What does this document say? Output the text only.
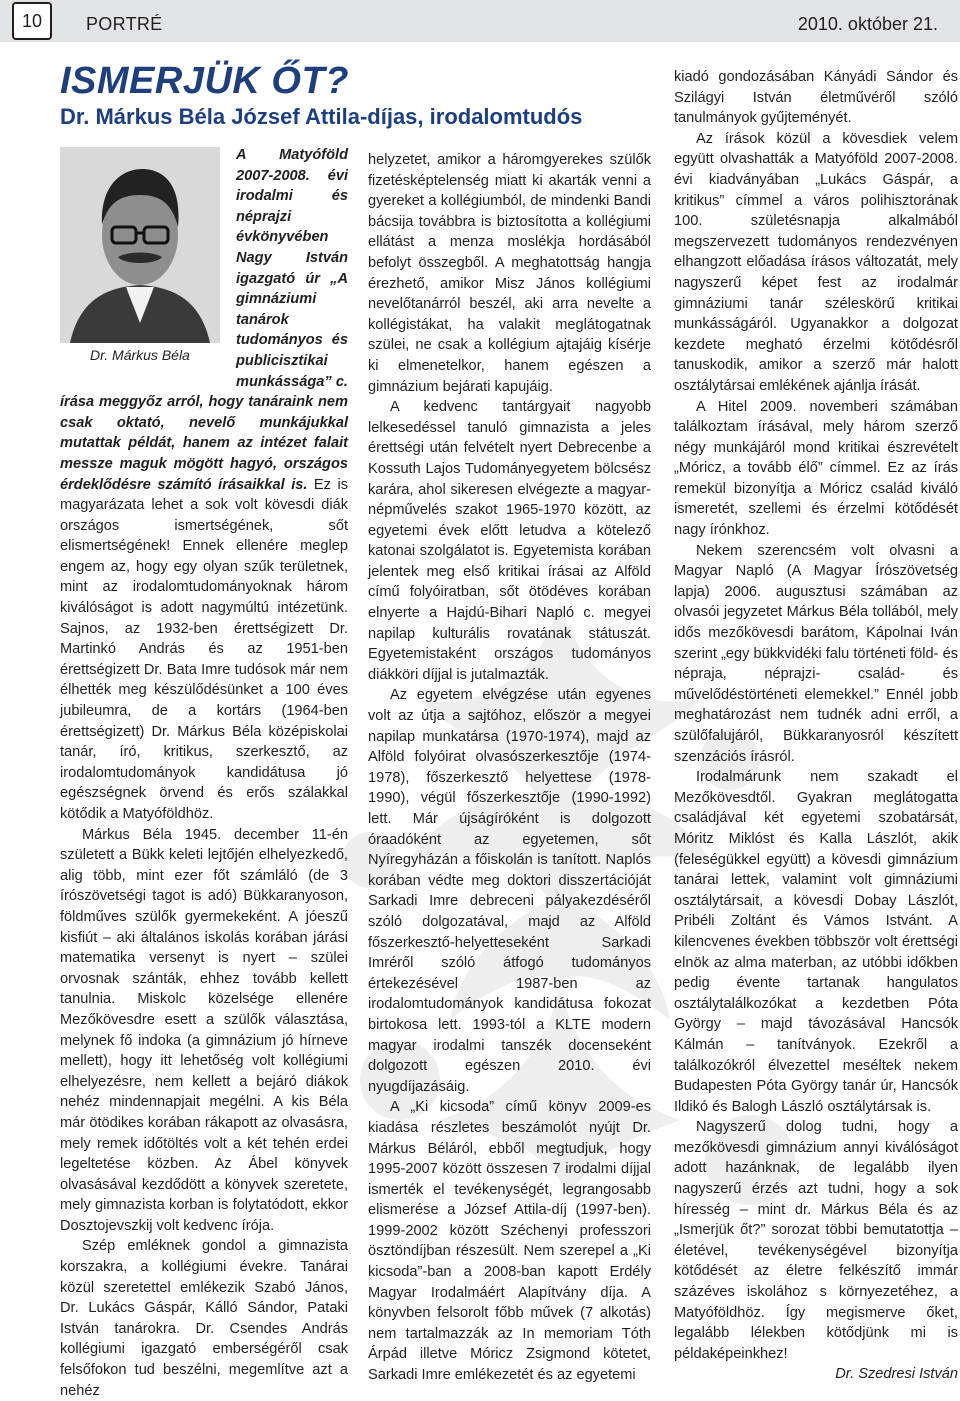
10	PORTRÉ	2010. október 21.
ISMERJÜK ŐT?
Dr. Márkus Béla József Attila-díjas, irodalomtudós
Dr. Márkus Béla

A Matyóföld 2007-2008. évi irodalmi és néprajzi évkönyvében Nagy István igazgató úr „A gimnáziumi tanárok tudományos és publicisztikai munkássága” c. írása meggyőz arról, hogy tanáraink nem csak oktató, nevelő munkájukkal mutattak példát, hanem az intézet falait messze maguk mögött hagyó, országos érdeklődésre számító írásaikkal is. Ez is magyarázata lehet a sok volt kövesdi diák országos ismertségének, sőt elismertségének! Ennek ellenére meglep engem az, hogy egy olyan szűk területnek, mint az irodalomtudományoknak három kiválóságot is adott nagymúltú intézetünk. Sajnos, az 1932-ben érettségizett Dr. Martinkó András és az 1951-ben érettségizett Dr. Bata Imre tudósok már nem élhették meg készülődésünket a 100 éves jubileumra, de a kortárs (1964-ben érettségizett) Dr. Márkus Béla középiskolai tanár, író, kritikus, szerkesztő, az irodalomtudományok kandidátusa jó egészségnek örvend és erős szálakkal kötődik a Matyóföldhöz.

Márkus Béla 1945. december 11-én született a Bükk keleti lejtőjén elhelyezkedő, alig több, mint ezer főt számláló (de 3 írószövetségi tagot is adó) Bükkaranyoson, földműves szülők gyermekeként. A jóeszű kisfiút – aki általános iskolás korában járási matematika versenyt is nyert – szülei orvosnak szánták, ehhez tovább kellett tanulnia. Miskolc közelsége ellenére Mezőkövesdre esett a szülők választása, melynek fő indoka (a gimnázium jó hírneve mellett), hogy itt lehetőség volt kollégiumi elhelyezésre, nem kellett a bejáró diákok nehéz mindennapjait megélni. A kis Béla már ötödikes korában rákapott az olvasásra, mely remek időtöltés volt a két tehén erdei legeltetése közben. Az Ábel könyvek olvasásával kezdődött a könyvek szeretete, mely gimnazista korban is folytatódott, ekkor Dosztojevszkij volt kedvenc írója.

Szép emléknek gondol a gimnazista korszakra, a kollégiumi évekre. Tanárai közül szeretettel emlékezik Szabó János, Dr. Lukács Gáspár, Kálló Sándor, Pataki István tanárokra. Dr. Csendes András kollégiumi igazgató emberségéről csak felsőfokon tud beszélni, megemlítve azt a nehéz

helyzetet, amikor a háromgyerekes szülők fizetésképtelenség miatt ki akarták venni a gyereket a kollégiumból, de mindenki Bandi bácsija továbbra is biztosította a kollégiumi ellátást a menza moslékja hordásából befolyt összegből. A meghatottság hangja érezhető, amikor Misz János kollégiumi nevelőtanárról beszél, aki arra nevelte a kollégistákat, ha valakit meglátogatnak szülei, ne csak a kollégium ajtajáig kísérje ki elmenetelkor, hanem egészen a gimnázium bejárati kapujáig.

A kedvenc tantárgyait nagyobb lelkesedéssel tanuló gimnazista a jeles érettségi után felvételt nyert Debrecenbe a Kossuth Lajos Tudományegyetem bölcsész karára, ahol sikeresen elvégezte a magyar-népművelés szakot 1965-1970 között, az egyetemi évek előtt letudva a kötelező katonai szolgálatot is. Egyetemista korában jelentek meg első kritikai írásai az Alföld című folyóiratban, sőt ötödéves korában elnyerte a Hajdú-Bihari Napló c. megyei napilap kulturális rovatának státuszát. Egyetemistaként országos tudományos diákköri díjjal is jutalmazták.

Az egyetem elvégzése után egyenes volt az útja a sajtóhoz, először a megyei napilap munkatársa (1970-1974), majd az Alföld folyóirat olvasószerkesztője (1974-1978), főszerkesztő helyettese (1978-1990), végül főszerkesztője (1990-1992) lett. Már újságíróként is dolgozott óraadóként az egyetemen, sőt Nyíregyházán a főiskolán is tanított. Naplós korában védte meg doktori disszertációját Sarkadi Imre debreceni pályakezdéséről szóló dolgozatával, majd az Alföld főszerkesztő-helyetteseként Sarkadi Imréről szóló átfogó tudományos értekezésével 1987-ben az irodalomtudományok kandidátusa fokozat birtokosa lett. 1993-tól a KLTE modern magyar irodalmi tanszék docenseként dolgozott egészen 2010. évi nyugdíjazásáig.

A „Ki kicsoda” című könyv 2009-es kiadása részletes beszámolót nyújt Dr. Márkus Béláról, ebből megtudjuk, hogy 1995-2007 között összesen 7 irodalmi díjjal ismerték el tevékenységét, legrangosabb elismerése a József Attila-díj (1997-ben). 1999-2002 között Széchenyi professzori ösztöndíjban részesült. Nem szerepel a „Ki kicsoda”-ban a 2008-ban kapott Erdély Magyar Irodalmáért Alapítvány díja. A könyvben felsorolt főbb művek (7 alkotás) nem tartalmazzák az In memoriam Tóth Árpád illetve Móricz Zsigmond kötetet, Sarkadi Imre emlékezetét és az egyetemi

kiadó gondozásában Kányádi Sándor és Szilágyi István életművéről szóló tanulmányok gyűjteményét.

Az írások közül a kövesdiek velem együtt olvashatták a Matyóföld 2007-2008. évi kiadványában „Lukács Gáspár, a kritikus” címmel a város polihisztorának 100. születésnapja alkalmából megszervezett tudományos rendezvényen elhangzott előadása írásos változatát, mely nagyszerű képet fest az irodalmár gimnáziumi tanár széleskörű kritikai munkásságáról. Ugyanakkor a dolgozat kezdete megható érzelmi kötődésről tanuskodik, amikor a szerző már halott osztálytársai emlékének ajánlja írását.

A Hitel 2009. novemberi számában találkoztam írásával, mely három szerző négy munkájáról mond kritikai észrevételt „Móricz, a tovább élő” címmel. Ez az írás remekül bizonyítja a Móricz család kiváló ismeretét, szellemi és érzelmi kötődését nagy írónkhoz.

Nekem szerencsém volt olvasni a Magyar Napló (A Magyar Írószövetség lapja) 2006. augusztusi számában az olvasói jegyzetet Márkus Béla tollából, mely idős mezőkövesdi barátom, Kápolnai Iván szerint „egy bükkvidéki falu történeti föld- és népraja, néprajzi- család- és művelődéstörténeti elemekkel.” Ennél jobb meghatározást nem tudnék adni erről, a szülőfalujáról, Bükkaranyosról készített szenzációs írásról.

Irodalmárunk nem szakadt el Mezőkövesdtől. Gyakran meglátogatta családjával két egyetemi szobatársát, Móritz Miklóst és Kalla Lászlót, akik (feleségükkel együtt) a kövesdi gimnázium tanárai lettek, valamint volt gimnáziumi osztálytársait, a kövesdi Dobay Lászlót, Pribéli Zoltánt és Vámos Istvánt. A kilencvenes években többször volt érettségi elnök az alma materban, az utóbbi időkben pedig évente tartanak hangulatos osztálytalálkozókat a kezdetben Póta György – majd távozásával Hancsók Kálmán – tanítványok. Ezekről a találkozókról élvezettel meséltek nekem Budapesten Póta György tanár úr, Hancsók Ildikó és Balogh László osztálytársak is.

Nagyszerű dolog tudni, hogy a mezőkövesdi gimnázium annyi kiválóságot adott hazánknak, de legalább ilyen nagyszerű érzés azt tudni, hogy a sok híresség – mint dr. Márkus Béla és az „Ismerjük őt?” sorozat többi bemutatottja – életével, tevékenységével bizonyítja kötődését az életre felkészítő immár százéves iskolához s környezetéhez, a Matyóföldhöz. Így megismerve őket, legalább lélekben kötődjünk mi is példaképeinkhez!

Dr. Szedresi István
